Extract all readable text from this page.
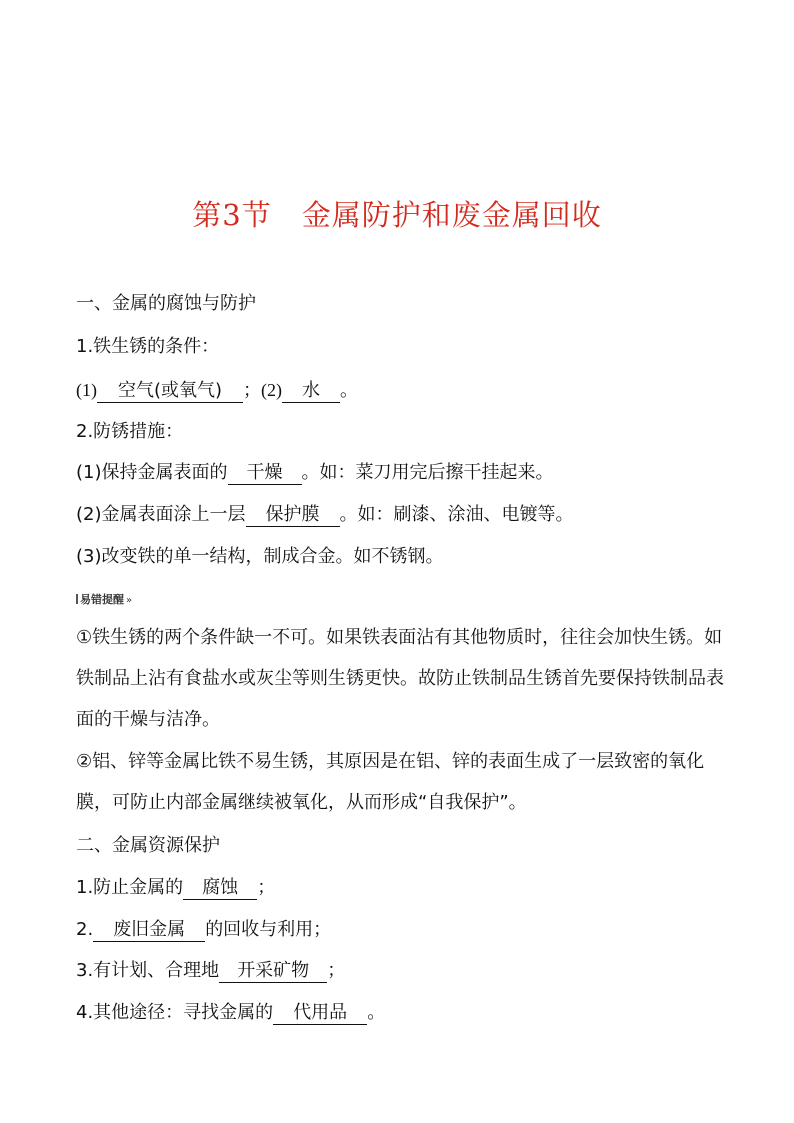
第3节 金属防护和废金属回收
一、金属的腐蚀与防护
1.铁生锈的条件：
(1) 空气(或氧气) ；(2) 水 。
2.防锈措施：
(1)保持金属表面的 干燥 。如：菜刀用完后擦干挂起来。
(2)金属表面涂上一层 保护膜 。如：刷漆、涂油、电镀等。
(3)改变铁的单一结构，制成合金。如不锈钢。
易错提醒 »
①铁生锈的两个条件缺一不可。如果铁表面沾有其他物质时，往往会加快生锈。如铁制品上沾有食盐水或灰尘等则生锈更快。故防止铁制品生锈首先要保持铁制品表面的干燥与洁净。
②铝、锌等金属比铁不易生锈，其原因是在铝、锌的表面生成了一层致密的氧化膜，可防止内部金属继续被氧化，从而形成“自我保护”。
二、金属资源保护
1.防止金属的 腐蚀 ；
2. 废旧金属 的回收与利用；
3.有计划、合理地 开采矿物 ；
4.其他途径：寻找金属的 代用品 。
